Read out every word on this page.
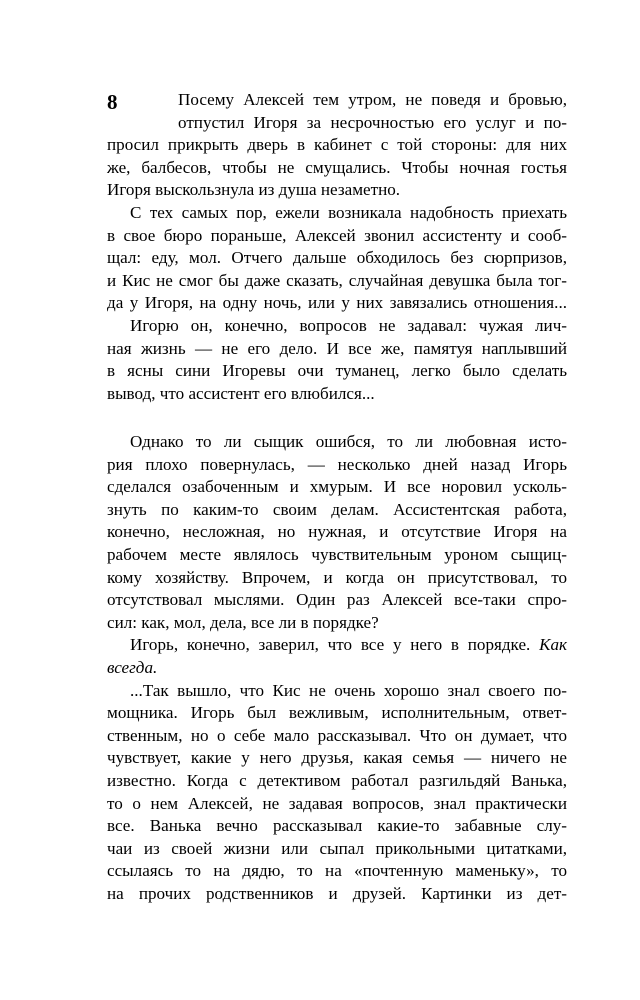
8	Посему Алексей тем утром, не поведя и бровью,
отпустил Игоря за несрочностью его услуг и по-
просил прикрыть дверь в кабинет с той стороны: для них
же, балбесов, чтобы не смущались. Чтобы ночная гостья
Игоря выскользнула из душа незаметно.
С тех самых пор, ежели возникала надобность приехать
в свое бюро пораньше, Алексей звонил ассистенту и сооб-
щал: еду, мол. Отчего дальше обходилось без сюрпризов,
и Кис не смог бы даже сказать, случайная девушка была тог-
да у Игоря, на одну ночь, или у них завязались отношения...
Игорю он, конечно, вопросов не задавал: чужая лич-
ная жизнь — не его дело. И все же, памятуя наплывший
в ясны сини Игоревы очи туманец, легко было сделать
вывод, что ассистент его влюбился...
Однако то ли сыщик ошибся, то ли любовная исто-
рия плохо повернулась, — несколько дней назад Игорь
сделался озабоченным и хмурым. И все норовил усколь-
знуть по каким-то своим делам. Ассистентская работа,
конечно, несложная, но нужная, и отсутствие Игоря на
рабочем месте являлось чувствительным уроном сыщиц-
кому хозяйству. Впрочем, и когда он присутствовал, то
отсутствовал мыслями. Один раз Алексей все-таки спро-
сил: как, мол, дела, все ли в порядке?
Игорь, конечно, заверил, что все у него в порядке. Как
всегда.
...Так вышло, что Кис не очень хорошо знал своего по-
мощника. Игорь был вежливым, исполнительным, ответ-
ственным, но о себе мало рассказывал. Что он думает, что
чувствует, какие у него друзья, какая семья — ничего не
известно. Когда с детективом работал разгильдяй Ванька,
то о нем Алексей, не задавая вопросов, знал практически
все. Ванька вечно рассказывал какие-то забавные слу-
чаи из своей жизни или сыпал прикольными цитатками,
ссылаясь то на дядю, то на «почтенную маменьку», то
на прочих родственников и друзей. Картинки из дет-
